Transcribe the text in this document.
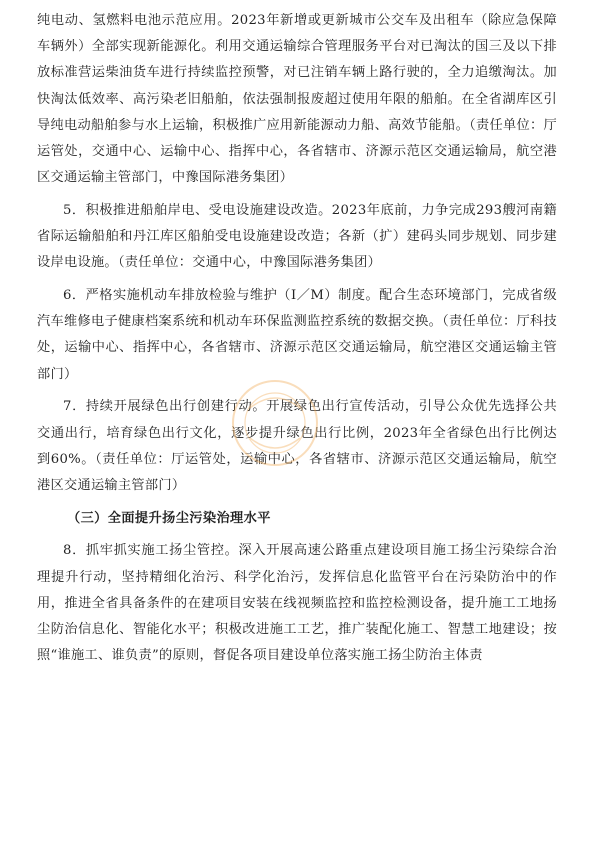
纯电动、氢燃料电池示范应用。2023年新增或更新城市公交车及出租车（除应急保障车辆外）全部实现新能源化。利用交通运输综合管理服务平台对已淘汰的国三及以下排放标准营运柴油货车进行持续监控预警，对已注销车辆上路行驶的，全力追缴淘汰。加快淘汰低效率、高污染老旧船舶，依法强制报废超过使用年限的船舶。在全省湖库区引导纯电动船舶参与水上运输，积极推广应用新能源动力船、高效节能船。（责任单位：厅运管处，交通中心、运输中心、指挥中心，各省辖市、济源示范区交通运输局，航空港区交通运输主管部门，中豫国际港务集团）

5．积极推进船舶岸电、受电设施建设改造。2023年底前，力争完成293艘河南籍省际运输船舶和丹江库区船舶受电设施建设改造；各新（扩）建码头同步规划、同步建设岸电设施。（责任单位：交通中心，中豫国际港务集团）

6．严格实施机动车排放检验与维护（I／M）制度。配合生态环境部门，完成省级汽车维修电子健康档案系统和机动车环保监测监控系统的数据交换。（责任单位：厅科技处，运输中心、指挥中心，各省辖市、济源示范区交通运输局，航空港区交通运输主管部门）

7．持续开展绿色出行创建行动。开展绿色出行宣传活动，引导公众优先选择公共交通出行，培育绿色出行文化，逐步提升绿色出行比例，2023年全省绿色出行比例达到60%。（责任单位：厅运管处，运输中心，各省辖市、济源示范区交通运输局，航空港区交通运输主管部门）

（三）全面提升扬尘污染治理水平

8．抓牢抓实施工扬尘管控。深入开展高速公路重点建设项目施工扬尘污染综合治理提升行动，坚持精细化治污、科学化治污，发挥信息化监管平台在污染防治中的作用，推进全省具备条件的在建项目安装在线视频监控和监控检测设备，提升施工工地扬尘防治信息化、智能化水平；积极改进施工工艺，推广装配化施工、智慧工地建设；按照“谁施工、谁负责”的原则，督促各项目建设单位落实施工扬尘防治主体责
